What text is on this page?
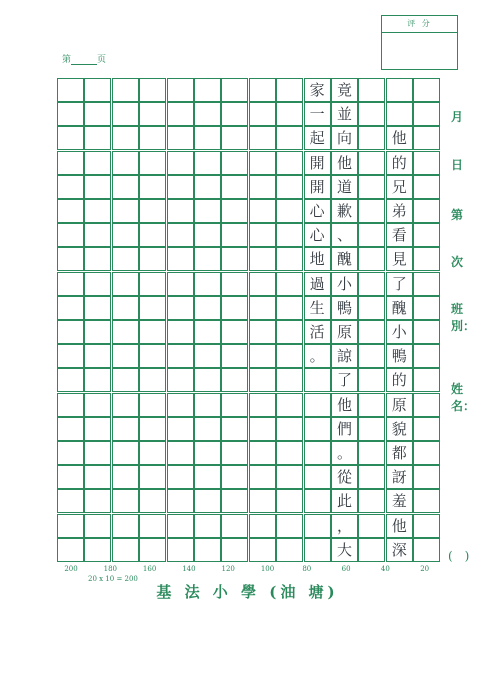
评 分
第	页
家
一
起
開
開
心
心
地
過
生
活
。
竟
並
向
他
道
歉
、
醜
小
鴨
原
諒
了
他
們
。
從
此
，
大
他
的
兄
弟
看
見
了
醜
小
鴨
的
原
貌
都
訝
羞
他
深
200	180	160	140	120	100	80	60	40	20
20 x 10 = 200
基 法 小 學 (油 塘)
月
日
第
次
班
別：
姓
名：
(　)
